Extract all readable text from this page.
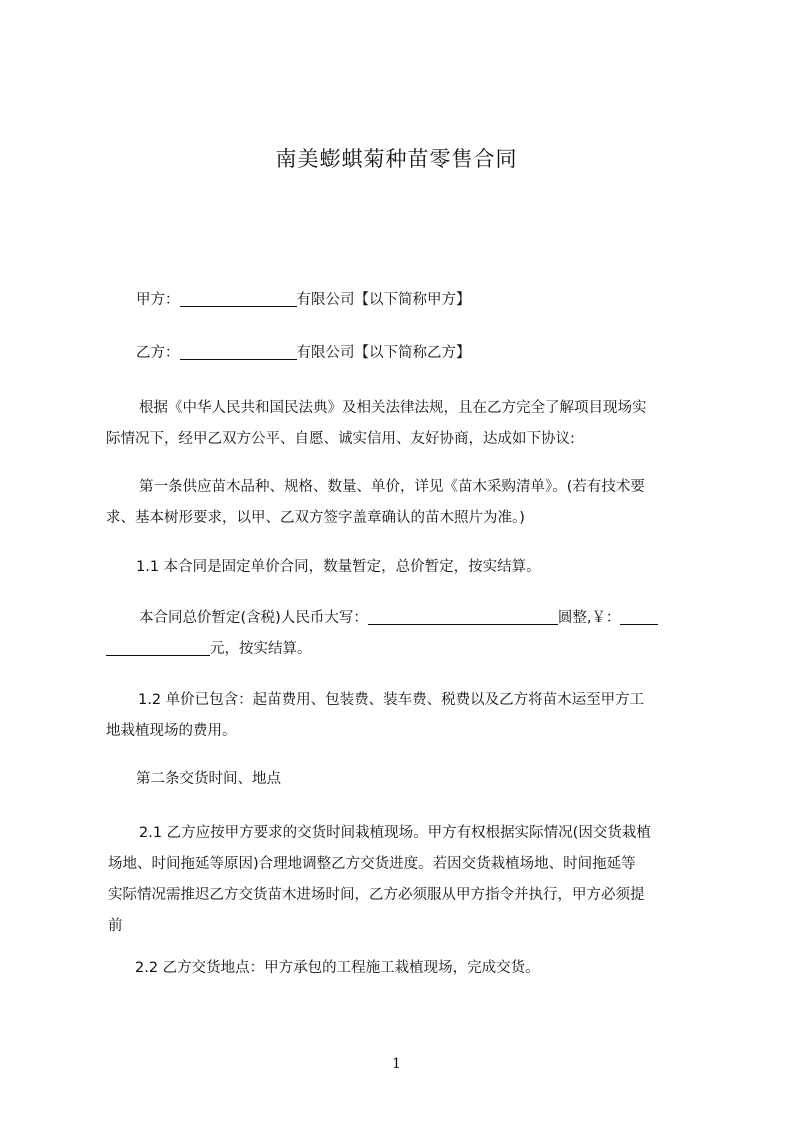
南美蟛蜞菊种苗零售合同
甲方：	有限公司【以下简称甲方】
乙方：	有限公司【以下简称乙方】
根据《中华人民共和国民法典》及相关法律法规，且在乙方完全了解项目现场实
际情况下，经甲乙双方公平、自愿、诚实信用、友好协商，达成如下协议:
第一条供应苗木品种、规格、数量、单价，详见《苗木采购清单》。(若有技术要
求、基本树形要求，以甲、乙双方签字盖章确认的苗木照片为准。)
1.1 本合同是固定单价合同，数量暂定，总价暂定，按实结算。
本合同总价暂定(含税)人民币大写：	圆整,￥：
元，按实结算。
1.2 单价已包含：起苗费用、包装费、装车费、税费以及乙方将苗木运至甲方工
地栽植现场的费用。
第二条交货时间、地点
2.1 乙方应按甲方要求的交货时间栽植现场。甲方有权根据实际情况(因交货栽植
场地、时间拖延等原因)合理地调整乙方交货进度。若因交货栽植场地、时间拖延等
实际情况需推迟乙方交货苗木进场时间，乙方必须服从甲方指令并执行，甲方必须提
前
2.2 乙方交货地点：甲方承包的工程施工栽植现场，完成交货。
1
